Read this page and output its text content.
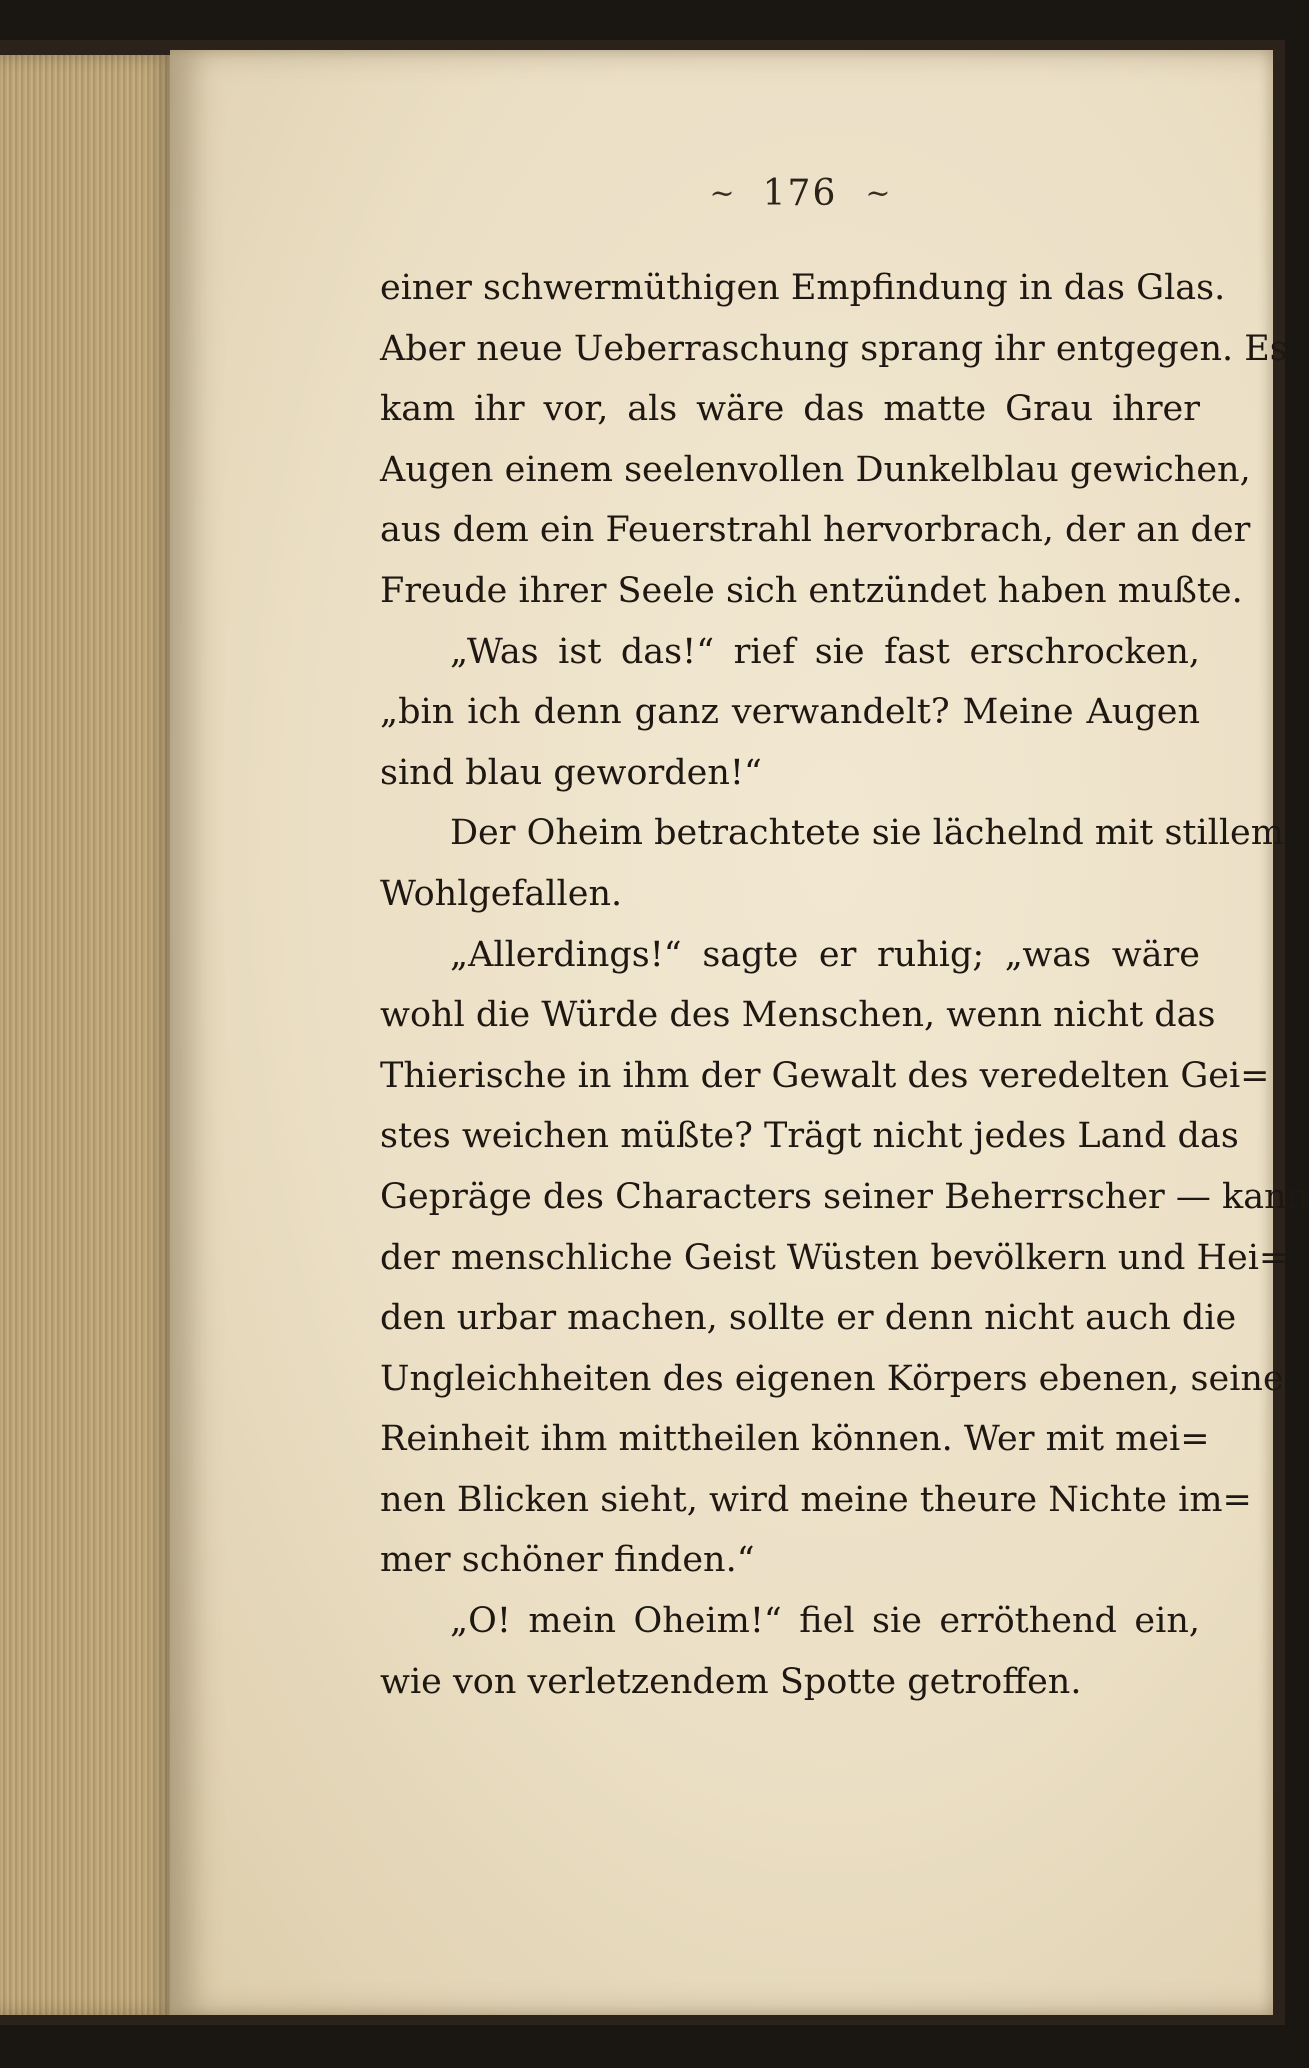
~ 176 ~
einer schwermüthigen Empfindung in das Glas.
Aber neue Ueberraschung sprang ihr entgegen. Es
kam ihr vor, als wäre das matte Grau ihrer
Augen einem seelenvollen Dunkelblau gewichen,
aus dem ein Feuerstrahl hervorbrach, der an der
Freude ihrer Seele sich entzündet haben mußte.
„Was ist das!“ rief sie fast erschrocken,
„bin ich denn ganz verwandelt? Meine Augen
sind blau geworden!“
Der Oheim betrachtete sie lächelnd mit stillem
Wohlgefallen.
„Allerdings!“ sagte er ruhig; „was wäre
wohl die Würde des Menschen, wenn nicht das
Thierische in ihm der Gewalt des veredelten Gei=
stes weichen müßte? Trägt nicht jedes Land das
Gepräge des Characters seiner Beherrscher — kann
der menschliche Geist Wüsten bevölkern und Hei=
den urbar machen, sollte er denn nicht auch die
Ungleichheiten des eigenen Körpers ebenen, seine
Reinheit ihm mittheilen können. Wer mit mei=
nen Blicken sieht, wird meine theure Nichte im=
mer schöner finden.“
„O! mein Oheim!“ fiel sie erröthend ein,
wie von verletzendem Spotte getroffen.
